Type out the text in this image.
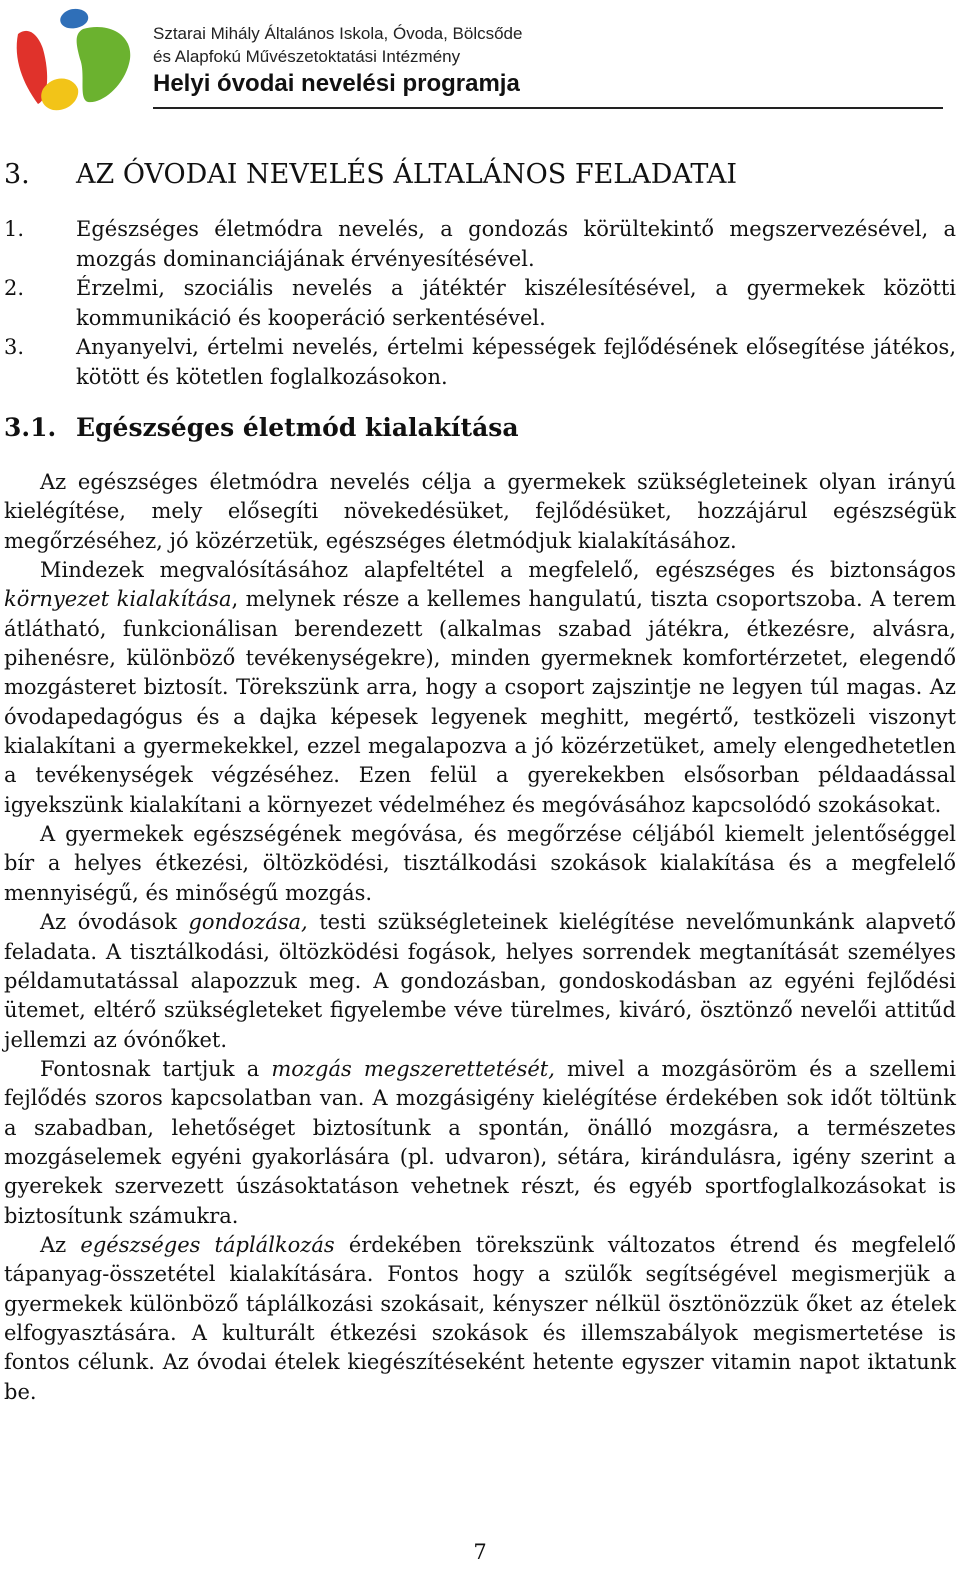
Sztarai Mihály Általános Iskola, Óvoda, Bölcsőde
és Alapfokú Művészetoktatási Intézmény
Helyi óvodai nevelési programja
3.	AZ ÓVODAI NEVELÉS ÁLTALÁNOS FELADATAI
1.	Egészséges életmódra nevelés, a gondozás körültekintő megszervezésével, a mozgás dominanciájának érvényesítésével.
2.	Érzelmi, szociális nevelés a játéktér kiszélesítésével, a gyermekek közötti kommunikáció és kooperáció serkentésével.
3.	Anyanyelvi, értelmi nevelés, értelmi képességek fejlődésének elősegítése játékos, kötött és kötetlen foglalkozásokon.
3.1. Egészséges életmód kialakítása

Az egészséges életmódra nevelés célja a gyermekek szükségleteinek olyan irányú kielégítése, mely elősegíti növekedésüket, fejlődésüket, hozzájárul egészségük megőrzéséhez, jó közérzetük, egészséges életmódjuk kialakításához.

Mindezek megvalósításához alapfeltétel a megfelelő, egészséges és biztonságos környezet kialakítása, melynek része a kellemes hangulatú, tiszta csoportszoba. A terem átlátható, funkcionálisan berendezett (alkalmas szabad játékra, étkezésre, alvásra, pihenésre, különböző tevékenységekre), minden gyermeknek komfortérzetet, elegendő mozgásteret biztosít. Törekszünk arra, hogy a csoport zajszintje ne legyen túl magas. Az óvodapedagógus és a dajka képesek legyenek meghitt, megértő, testközeli viszonyt kialakítani a gyermekekkel, ezzel megalapozva a jó közérzetüket, amely elengedhetetlen a tevékenységek végzéséhez. Ezen felül a gyerekekben elsősorban példaadással igyekszünk kialakítani a környezet védelméhez és megóvásához kapcsolódó szokásokat.

A gyermekek egészségének megóvása, és megőrzése céljából kiemelt jelentőséggel bír a helyes étkezési, öltözködési, tisztálkodási szokások kialakítása és a megfelelő mennyiségű, és minőségű mozgás.

Az óvodások gondozása, testi szükségleteinek kielégítése nevelőmunkánk alapvető feladata. A tisztálkodási, öltözködési fogások, helyes sorrendek megtanítását személyes példamutatással alapozzuk meg. A gondozásban, gondoskodásban az egyéni fejlődési ütemet, eltérő szükségleteket figyelembe véve türelmes, kiváró, ösztönző nevelői attitűd jellemzi az óvónőket.

Fontosnak tartjuk a mozgás megszerettetését, mivel a mozgásöröm és a szellemi fejlődés szoros kapcsolatban van. A mozgásigény kielégítése érdekében sok időt töltünk a szabadban, lehetőséget biztosítunk a spontán, önálló mozgásra, a természetes mozgáselemek egyéni gyakorlására (pl. udvaron), sétára, kirándulásra, igény szerint a gyerekek szervezett úszásoktatáson vehetnek részt, és egyéb sportfoglalkozásokat is biztosítunk számukra.

Az egészséges táplálkozás érdekében törekszünk változatos étrend és megfelelő tápanyag-összetétel kialakítására. Fontos hogy a szülők segítségével megismerjük a gyermekek különböző táplálkozási szokásait, kényszer nélkül ösztönözzük őket az ételek elfogyasztására. A kulturált étkezési szokások és illemszabályok megismertetése is fontos célunk. Az óvodai ételek kiegészítéseként hetente egyszer vitamin napot iktatunk be.

7
